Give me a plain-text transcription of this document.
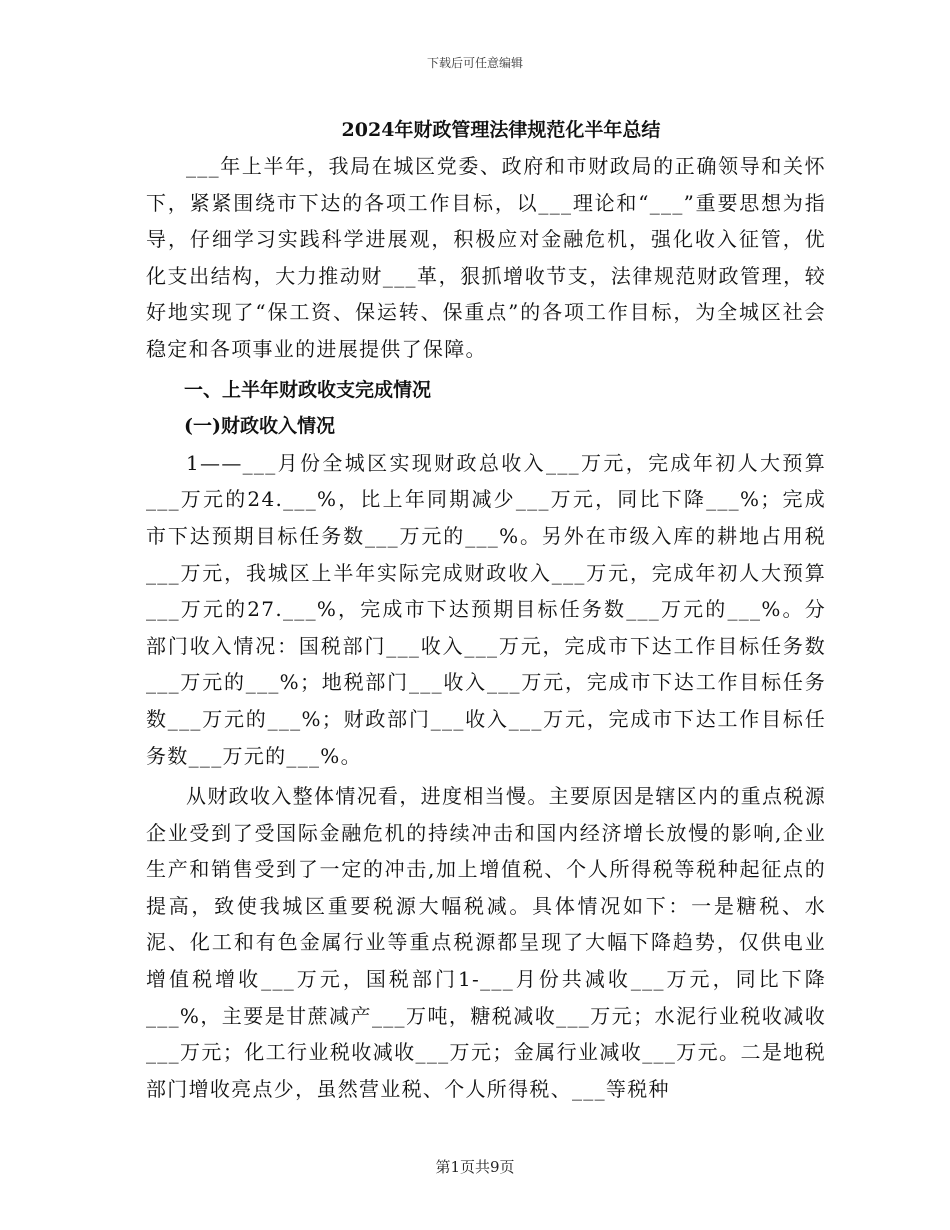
下载后可任意编辑
2024年财政管理法律规范化半年总结

___年上半年，我局在城区党委、政府和市财政局的正确领导和关怀下，紧紧围绕市下达的各项工作目标，以___理论和“___”重要思想为指导，仔细学习实践科学进展观，积极应对金融危机，强化收入征管，优化支出结构，大力推动财___革，狠抓增收节支，法律规范财政管理，较好地实现了“保工资、保运转、保重点”的各项工作目标，为全城区社会稳定和各项事业的进展提供了保障。

一、上半年财政收支完成情况
(一)财政收入情况

1——___月份全城区实现财政总收入___万元，完成年初人大预算___万元的24.___%，比上年同期减少___万元，同比下降___%；完成市下达预期目标任务数___万元的___%。另外在市级入库的耕地占用税___万元，我城区上半年实际完成财政收入___万元，完成年初人大预算___万元的27.___%，完成市下达预期目标任务数___万元的___%。分部门收入情况：国税部门___收入___万元，完成市下达工作目标任务数___万元的___%；地税部门___收入___万元，完成市下达工作目标任务数___万元的___%；财政部门___收入___万元，完成市下达工作目标任务数___万元的___%。

从财政收入整体情况看，进度相当慢。主要原因是辖区内的重点税源企业受到了受国际金融危机的持续冲击和国内经济增长放慢的影响,企业生产和销售受到了一定的冲击,加上增值税、个人所得税等税种起征点的提高，致使我城区重要税源大幅税减。具体情况如下：一是糖税、水泥、化工和有色金属行业等重点税源都呈现了大幅下降趋势，仅供电业增值税增收___万元，国税部门1-___月份共减收___万元，同比下降___%，主要是甘蔗减产___万吨，糖税减收___万元；水泥行业税收减收___万元；化工行业税收减收___万元；金属行业减收___万元。二是地税部门增收亮点少，虽然营业税、个人所得税、___等税种

第1页共9页
